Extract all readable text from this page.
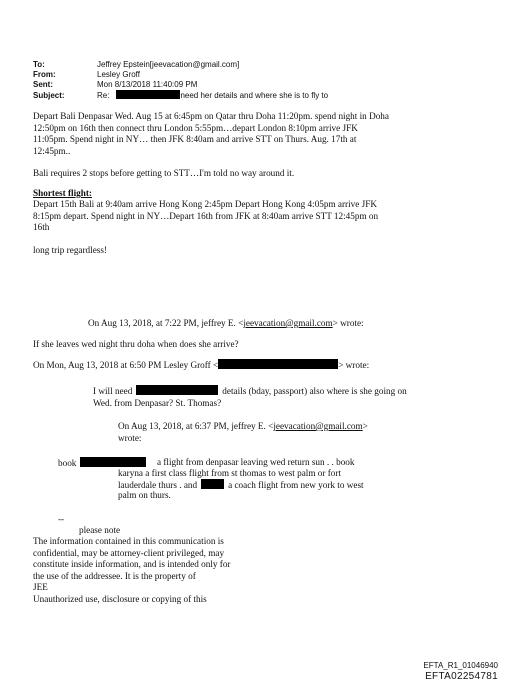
To:	Jeffrey Epstein[jeevacation@gmail.com]
From:	Lesley Groff
Sent:	Mon 8/13/2018 11:40:09 PM
Subject:	Re:	need her details and where she is to fly to
Depart Bali Denpasar Wed. Aug 15 at 6:45pm on Qatar thru Doha 11:20pm. spend night in Doha
12:50pm on 16th then connect thru London 5:55pm…depart London 8:10pm arrive JFK
11:05pm. Spend night in NY… then JFK 8:40am and arrive STT on Thurs. Aug. 17th at
12:45pm..
Bali requires 2 stops before getting to STT…I'm told no way around it.
Shortest flight:
Depart 15th Bali at 9:40am arrive Hong Kong 2:45pm Depart Hong Kong 4:05pm arrive JFK
8:15pm depart. Spend night in NY…Depart 16th from JFK at 8:40am arrive STT 12:45pm on
16th
long trip regardless!
On Aug 13, 2018, at 7:22 PM, jeffrey E. <jeevacation@gmail.com> wrote:
If she leaves wed night thru doha when does she arrive?
On Mon, Aug 13, 2018 at 6:50 PM Lesley Groff <	> wrote:
I will need	details (bday, passport) also where is she going on
Wed. from Denpasar? St. Thomas?
On Aug 13, 2018, at 6:37 PM, jeffrey E. <jeevacation@gmail.com>
wrote:
book	a flight from denpasar leaving wed return sun . . book
karyna a first class flight from st thomas to west palm or fort
lauderdale thurs . and	a coach flight from new york to west
palm on thurs.
--
please note
The information contained in this communication is
confidential, may be attorney-client privileged, may
constitute inside information, and is intended only for
the use of the addressee. It is the property of
JEE
Unauthorized use, disclosure or copying of this
EFTA_R1_01046940
EFTA02254781
